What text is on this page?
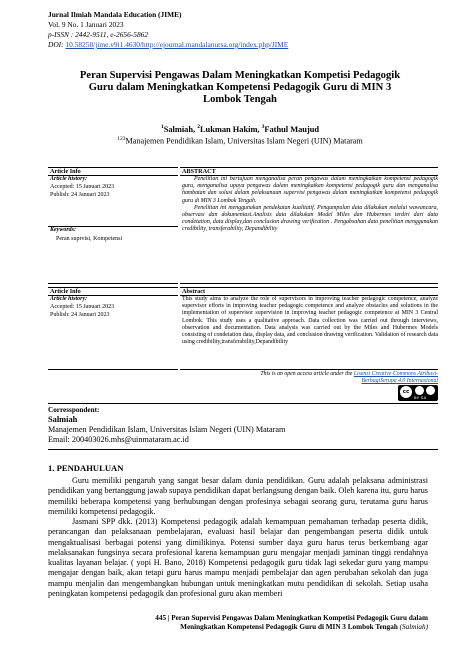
Jurnal Ilmiah Mandala Education (JIME)
Vol. 9 No. 1 Januari 2023
p-ISSN : 2442-9511, e-2656-5862
DOI: 10.58258/jime.v9i1.4630/http://ejournal.mandalanursa.org/index.php/JIME
Peran Supervisi Pengawas Dalam Meningkatkan Kompetisi Pedagogik
Guru dalam Meningkatkan Kompetensi Pedagogik Guru di MIN 3
Lombok Tengah
$^1$Salmiah, $^2$Lukman Hakim, $^3$Fathul Maujud
$^{123}$Manajemen Pendidikan Islam, Universitas Islam Negeri (UIN) Mataram
Article Info	ABSTRACT
Article history:
Accepted: 15 Januari 2023
Publish: 24 Januari 2023
Keywords:
Peran suprvisi, Kompetensi

Penelitian ini bertujuan menganalisa peran pengawas dalam meningkatkan kompetensi pedagogik guru, menganalisa upaya pengawas dalam meningkatkan kompetensi pedagogik guru dan menganalisa hambatan dan solusi dalam pelaksanaan supervisi pengawas dalam meningkatkan kompetensi pedagogik guru di MIN 3 Lombok Tengah.

Penelitian ini menggunakan pendekatan kualitatif. Pengumpulan data dilakukan melalui wawancara, observasi dan dokumentasi.Analisis data dilakukan Model Miles dan Hubermes terdiri dari data condetation, data display,dan conclusion drawing verification . Pengabsahan data penelitian menggunakan credibility, transferability, Depandibility

Article Info	Abstract
Article history:
Accepted: 15 Januari 2023
Publish: 24 Januari 2023

This study aims to analyze the role of supervisors in improving teacher pedagogic competence, analyze supervisor efforts in improving teacher pedagogic competence and analyze obstacles and solutions in the implementation of supervisor supervision in improving teacher pedagogic competence at MIN 3 Central Lombok. This study uses a qualitative approach. Data collection was carried out through interviews, observation and documentation. Data analysis was carried out by the Miles and Hubermes Models consisting of condetation data, display data, and conclusion drawing verification. Validation of research data using credibility,transferability,Depandibility

This is an open access article under the Lisensi Creative Commons Atribusi-
BerbagiSerupa 4.0 Internasional
cc
BY SA
Corresspondent:
Salmiah
Manajemen Pendidikan Islam, Universitas Islam Negeri (UIN) Mataram
Email: 200403026.mhs@uinmataram.ac.id
1. PENDAHULUAN

Guru memiliki pengaruh yang sangat besar dalam dunia pendidikan. Guru adalah pelaksana administrasi pendidikan yang bertanggung jawab supaya pendidikan dapat berlangsung dengan baik. Oleh karena itu, guru harus memiliki beberapa kompetensi yang berhubungan dengan profesinya sebagai seorang guru, terutama guru harus memiliki kompetensi pedagogik.

Jasmani SPP dkk. (2013) Kompetensi pedagogik adalah kemampuan pemahaman terhadap peserta didik, perancangan dan pelaksanaan pembelajaran, evaluasi hasil belajar dan pengembangan peserta didik untuk mengaktualisasi berbagai potensi yang dimilikinya. Potensi sumber daya guru harus terus berkembang agar melaksanakan fungsinya secara profesional karena kemampuan guru mengajar menjadi jaminan tinggi rendahnya kualitas layanan belajar. ( yopi H. Bano, 2018) Kompetensi pedagogik guru tidak lagi sekedar guru yang mampu mengajar dengan baik, akan tetapi guru harus mampu menjadi pembelajar dan agen perubahan sekolah dan juga mampu menjalin dan mengembangkan hubungan untuk meningkatkan mutu pendidikan di sekolah. Setiap usaha peningkatan kompetensi pedagogik dan profesional guru akan memberi

445 | Peran Supervisi Pengawas Dalam Meningkatkan Kompetisi Pedagogik Guru dalam
Meningkatkan Kompetensi Pedagogik Guru di MIN 3 Lombok Tengah (Salmiah)
